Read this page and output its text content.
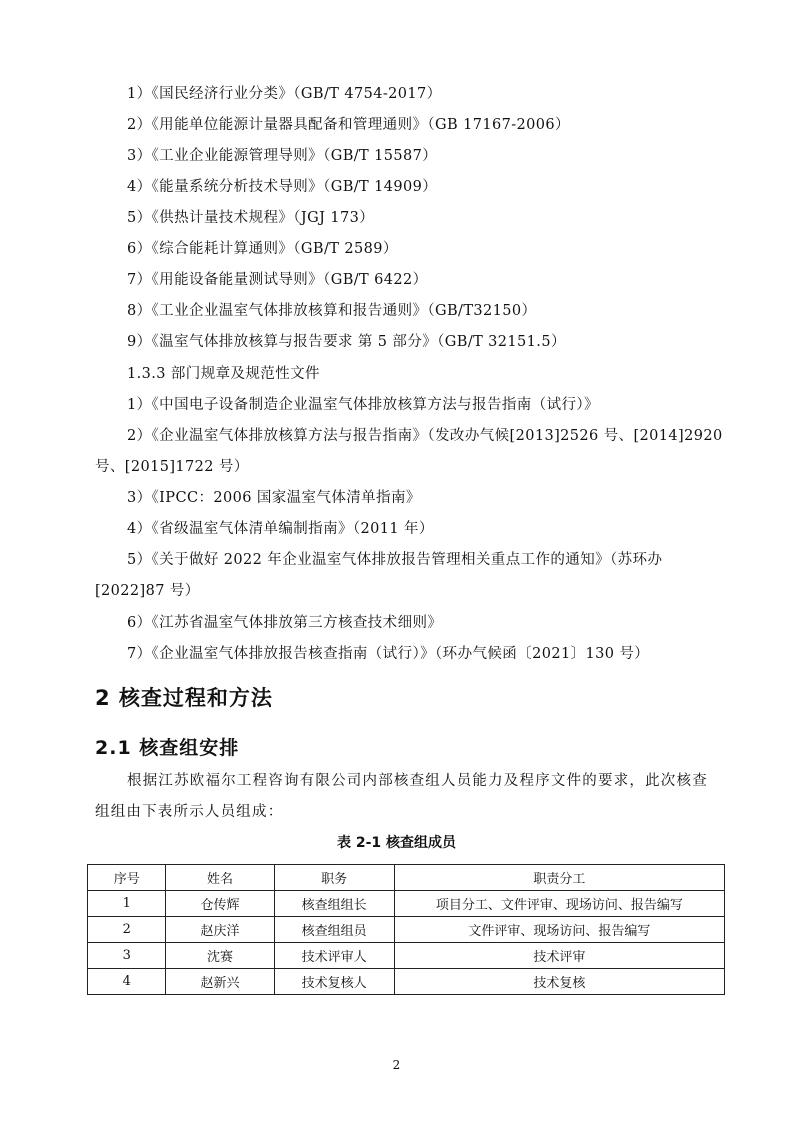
1）《国民经济行业分类》（GB/T 4754-2017）
2）《用能单位能源计量器具配备和管理通则》（GB 17167-2006）
3）《工业企业能源管理导则》（GB/T 15587）
4）《能量系统分析技术导则》（GB/T 14909）
5）《供热计量技术规程》（JGJ 173）
6）《综合能耗计算通则》（GB/T 2589）
7）《用能设备能量测试导则》（GB/T 6422）
8）《工业企业温室气体排放核算和报告通则》（GB/T32150）
9）《温室气体排放核算与报告要求 第 5 部分》（GB/T 32151.5）
1.3.3 部门规章及规范性文件
1）《中国电子设备制造企业温室气体排放核算方法与报告指南（试行）》
2）《企业温室气体排放核算方法与报告指南》（发改办气候[2013]2526 号、[2014]2920
号、[2015]1722 号）
3）《IPCC：2006 国家温室气体清单指南》
4）《省级温室气体清单编制指南》（2011 年）
5）《关于做好 2022 年企业温室气体排放报告管理相关重点工作的通知》（苏环办
[2022]87 号）
6）《江苏省温室气体排放第三方核查技术细则》
7）《企业温室气体排放报告核查指南（试行）》（环办气候函〔2021〕130 号）
2 核查过程和方法
2.1 核查组安排
根据江苏欧福尔工程咨询有限公司内部核查组人员能力及程序文件的要求，此次核查
组组由下表所示人员组成：
表 2-1 核查组成员
序号	姓名	职务	职责分工
1	仓传辉	核查组组长	项目分工、文件评审、现场访问、报告编写
2	赵庆洋	核查组组员	文件评审、现场访问、报告编写
3	沈赛	技术评审人	技术评审
4	赵新兴	技术复核人	技术复核
2
